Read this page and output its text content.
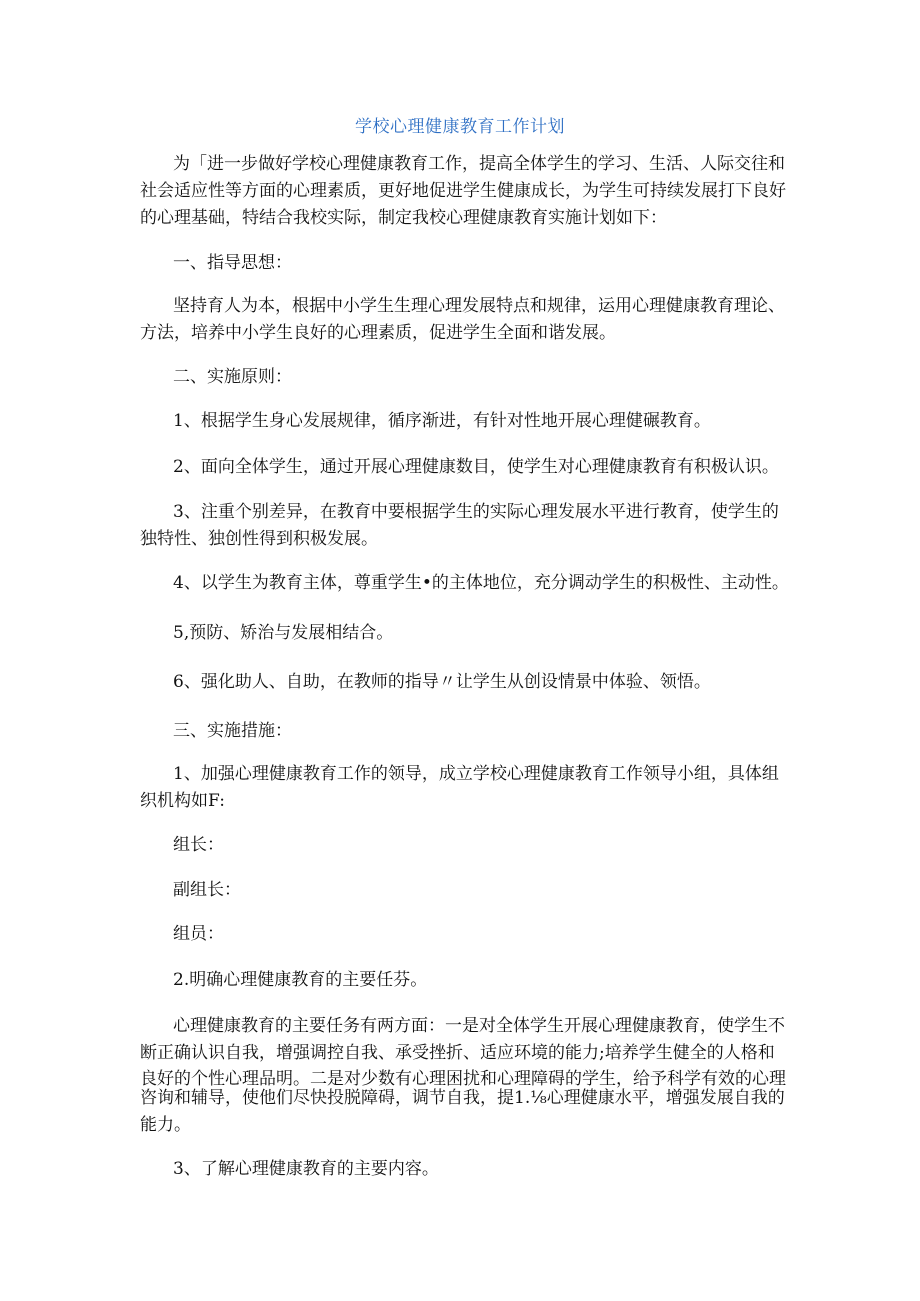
学校心理健康教育工作计划

为「进一步做好学校心理健康教育工作，提高全体学生的学习、生活、人际交往和

社会适应性等方面的心理素质，更好地促进学生健康成长，为学生可持续发展打下良好

的心理基础，特结合我校实际，制定我校心理健康教育实施计划如下：

一、指导思想：

坚持育人为本，根据中小学生生理心理发展特点和规律，运用心理健康教育理论、

方法，培养中小学生良好的心理素质，促进学生全面和谐发展。

二、实施原则：

1、根据学生身心发展规律，循序渐进，有针对性地开展心理健碾教育。

2、面向全体学生，通过开展心理健康数目，使学生对心理健康教育有积极认识。

3、注重个别差异，在教育中要根据学生的实际心理发展水平进行教育，使学生的

独特性、独创性得到积极发展。

4、以学生为教育主体，尊重学生•的主体地位，充分调动学生的积极性、主动性。

5,预防、矫治与发展相结合。

6、强化助人、自助，在教师的指导〃让学生从创设情景中体验、领悟。

三、实施措施：

1、加强心理健康教育工作的领导，成立学校心理健康教育工作领导小组，具体组

织机构如F:

组长：

副组长：

组员：

2.明确心理健康教育的主要任芬。

心理健康教育的主要任务有两方面：一是对全体学生开展心理健康教育，使学生不

断正确认识自我，增强调控自我、承受挫折、适应环境的能力;培养学生健全的人格和

良好的个性心理品明。二是对少数有心理困扰和心理障碍的学生，给予科学有效的心理

咨询和辅导，使他们尽快投脱障碍，调节自我，提1.⅛心理健康水平，增强发展自我的

能力。

3、了解心理健康教育的主要内容。
